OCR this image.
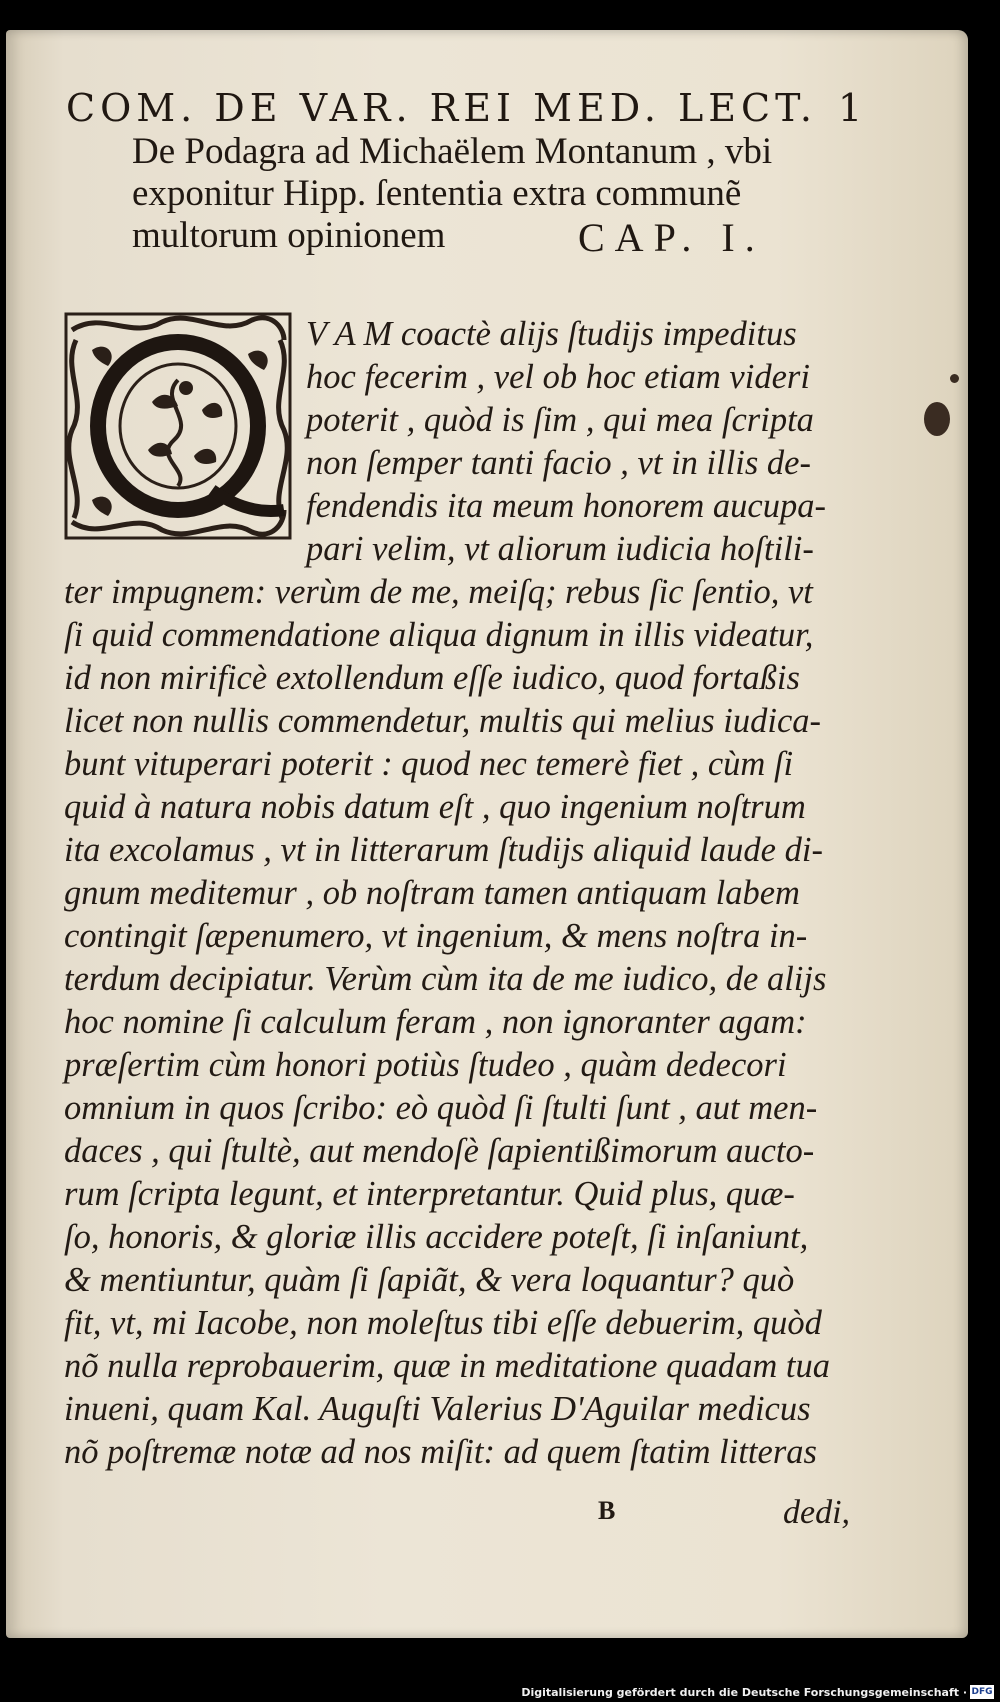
COM. DE VAR. REI MED. LECT. 1
De Podagra ad Michaëlem Montanum , vbi
exponitur Hipp. ſententia extra communẽ
multorum opinionem	CAP. I.
V A M coactè alijs ſtudijs impeditus
hoc fecerim , vel ob hoc etiam videri
poterit , quòd is ſim , qui mea ſcripta
non ſemper tanti facio , vt in illis de-
fendendis ita meum honorem aucupa-
pari velim, vt aliorum iudicia hoſtili-
ter impugnem: verùm de me, meiſq; rebus ſic ſentio, vt
ſi quid commendatione aliqua dignum in illis videatur,
id non mirificè extollendum eſſe iudico, quod fortaßis
licet non nullis commendetur, multis qui melius iudica-
bunt vituperari poterit : quod nec temerè fiet , cùm ſi
quid à natura nobis datum eſt , quo ingenium noſtrum
ita excolamus , vt in litterarum ſtudijs aliquid laude di-
gnum meditemur , ob noſtram tamen antiquam labem
contingit ſæpenumero, vt ingenium, & mens noſtra in-
terdum decipiatur. Verùm cùm ita de me iudico, de alijs
hoc nomine ſi calculum feram , non ignoranter agam:
præſertim cùm honori potiùs ſtudeo , quàm dedecori
omnium in quos ſcribo: eò quòd ſi ſtulti ſunt , aut men-
daces , qui ſtultè, aut mendoſè ſapientißimorum aucto-
rum ſcripta legunt, et interpretantur. Quid plus, quæ-
ſo, honoris, & gloriæ illis accidere poteſt, ſi inſaniunt,
& mentiuntur, quàm ſi ſapiãt, & vera loquantur? quò
fit, vt, mi Iacobe, non moleſtus tibi eſſe debuerim, quòd
nõ nulla reprobauerim, quæ in meditatione quadam tua
inueni, quam Kal. Auguſti Valerius D'Aguilar medicus
nõ poſtremæ notæ ad nos miſit: ad quem ſtatim litteras
B	dedi,
Digitalisierung gefördert durch die Deutsche Forschungsgemeinschaft · DFG
